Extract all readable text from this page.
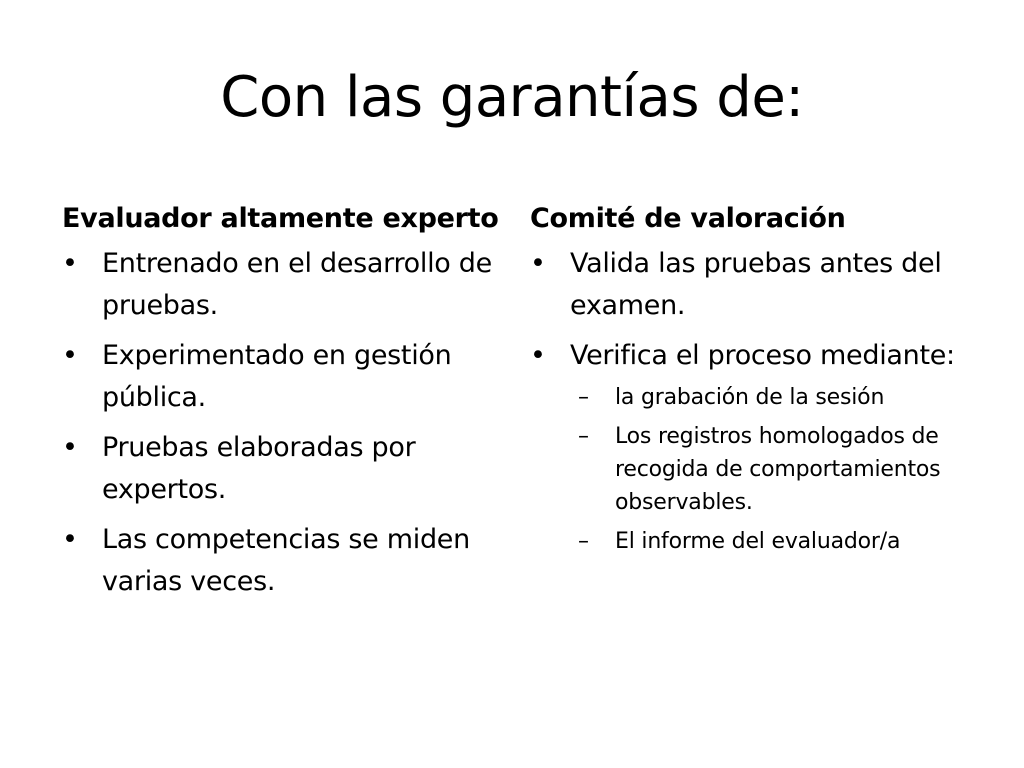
Con las garantías de:
Evaluador altamente experto
• Entrenado en el desarrollo de pruebas.
• Experimentado en gestión pública.
• Pruebas elaboradas por expertos.
• Las competencias se miden varias veces.
Comité de valoración
• Valida las pruebas antes del examen.
• Verifica el proceso mediante:
– la grabación de la sesión
– Los registros homologados de recogida de comportamientos observables.
– El informe del evaluador/a
